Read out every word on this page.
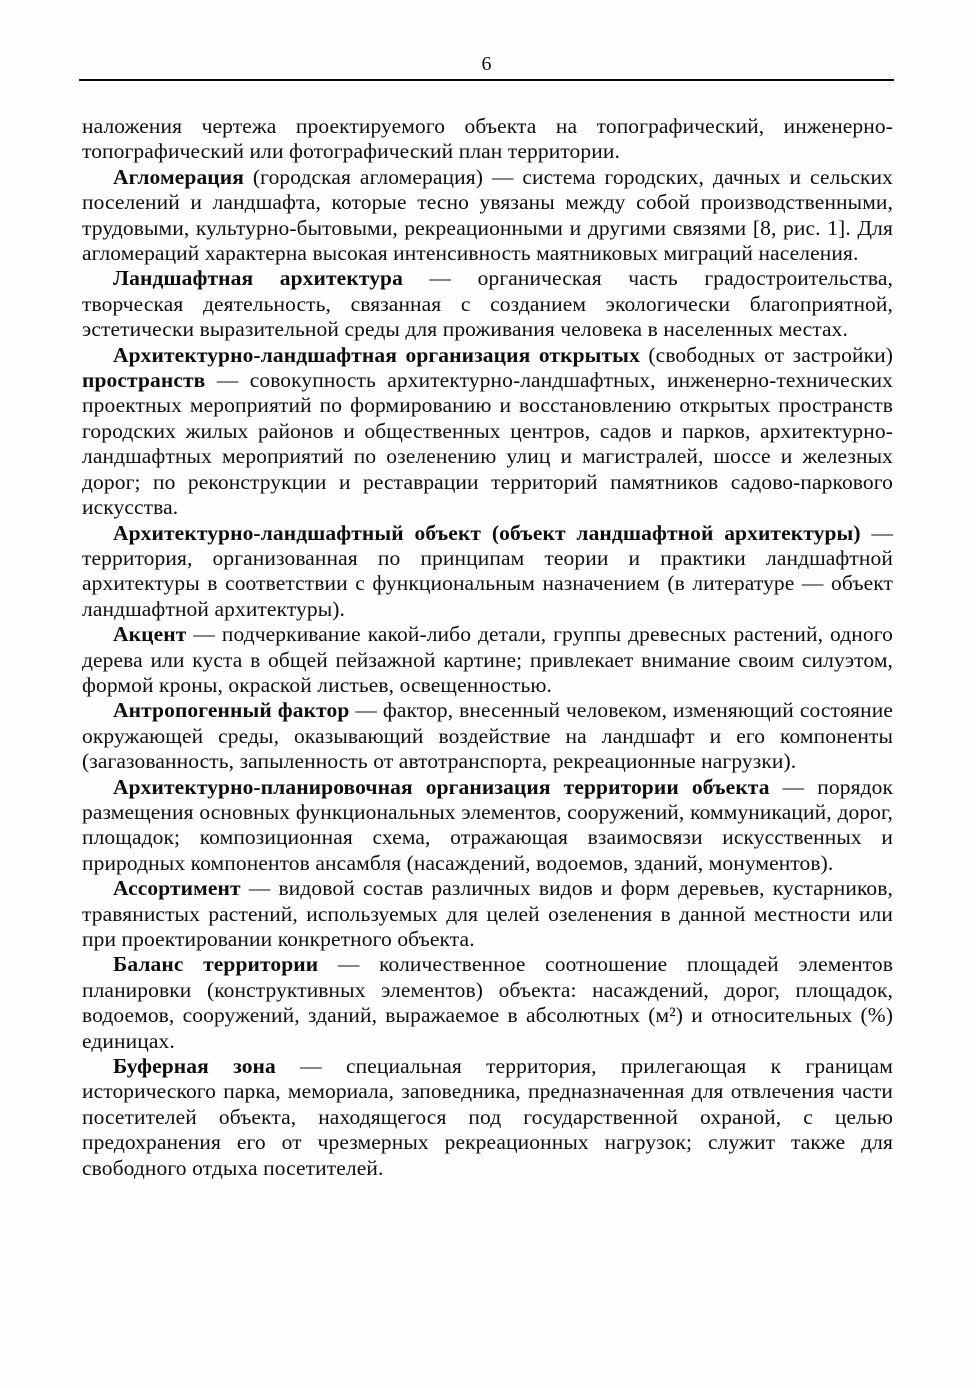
6

наложения чертежа проектируемого объекта на топографический, инженерно-топографический или фотографический план территории.

Агломерация (городская агломерация) — система городских, дачных и сельских поселений и ландшафта, которые тесно увязаны между собой производственными, трудовыми, культурно-бытовыми, рекреационными и другими связями [8, рис. 1]. Для агломераций характерна высокая интенсивность маятниковых миграций населения.

Ландшафтная архитектура — органическая часть градостроительства, творческая деятельность, связанная с созданием экологически благоприятной, эстетически выразительной среды для проживания человека в населенных местах.

Архитектурно-ландшафтная организация открытых (свободных от застройки) пространств — совокупность архитектурно-ландшафтных, инженерно-технических проектных мероприятий по формированию и восстановлению открытых пространств городских жилых районов и общественных центров, садов и парков, архитектурно-ландшафтных мероприятий по озеленению улиц и магистралей, шоссе и железных дорог; по реконструкции и реставрации территорий памятников садово-паркового искусства.

Архитектурно-ландшафтный объект (объект ландшафтной архитектуры) — территория, организованная по принципам теории и практики ландшафтной архитектуры в соответствии с функциональным назначением (в литературе — объект ландшафтной архитектуры).

Акцент — подчеркивание какой-либо детали, группы древесных растений, одного дерева или куста в общей пейзажной картине; привлекает внимание своим силуэтом, формой кроны, окраской листьев, освещенностью.

Антропогенный фактор — фактор, внесенный человеком, изменяющий состояние окружающей среды, оказывающий воздействие на ландшафт и его компоненты (загазованность, запыленность от автотранспорта, рекреационные нагрузки).

Архитектурно-планировочная организация территории объекта — порядок размещения основных функциональных элементов, сооружений, коммуникаций, дорог, площадок; композиционная схема, отражающая взаимосвязи искусственных и природных компонентов ансамбля (насаждений, водоемов, зданий, монументов).

Ассортимент — видовой состав различных видов и форм деревьев, кустарников, травянистых растений, используемых для целей озеленения в данной местности или при проектировании конкретного объекта.

Баланс территории — количественное соотношение площадей элементов планировки (конструктивных элементов) объекта: насаждений, дорог, площадок, водоемов, сооружений, зданий, выражаемое в абсолютных (м²) и относительных (%) единицах.

Буферная зона — специальная территория, прилегающая к границам исторического парка, мемориала, заповедника, предназначенная для отвлечения части посетителей объекта, находящегося под государственной охраной, с целью предохранения его от чрезмерных рекреационных нагрузок; служит также для свободного отдыха посетителей.
